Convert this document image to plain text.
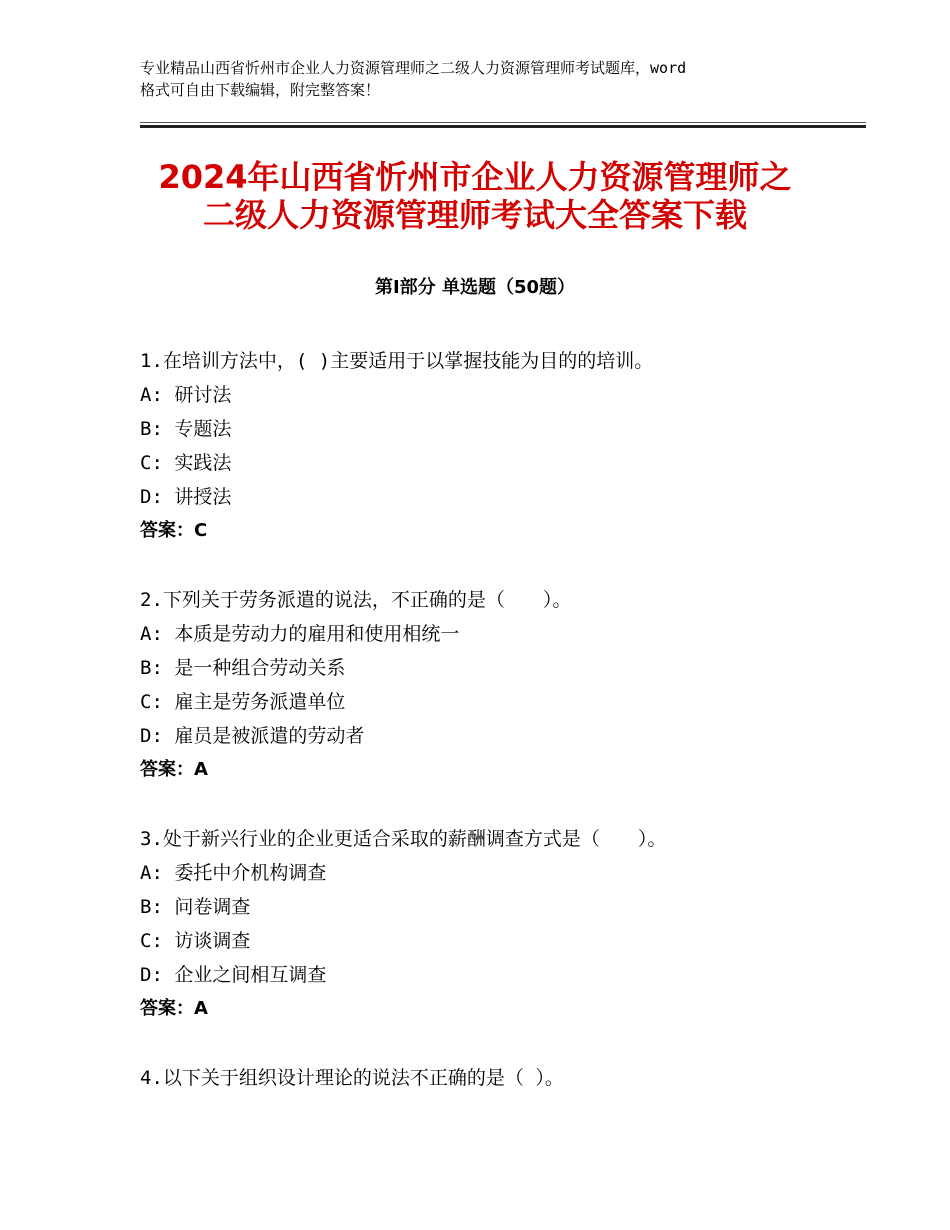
专业精品山西省忻州市企业人力资源管理师之二级人力资源管理师考试题库，word
格式可自由下载编辑，附完整答案！
2024年山西省忻州市企业人力资源管理师之
二级人力资源管理师考试大全答案下载
第Ⅰ部分 单选题（50题）
1.在培训方法中，( )主要适用于以掌握技能为目的的培训。
A: 研讨法
B: 专题法
C: 实践法
D: 讲授法
答案：C
2.下列关于劳务派遣的说法，不正确的是（　　）。
A: 本质是劳动力的雇用和使用相统一
B: 是一种组合劳动关系
C: 雇主是劳务派遣单位
D: 雇员是被派遣的劳动者
答案：A
3.处于新兴行业的企业更适合采取的薪酬调查方式是（　　）。
A: 委托中介机构调查
B: 问卷调查
C: 访谈调查
D: 企业之间相互调查
答案：A
4.以下关于组织设计理论的说法不正确的是（ ）。
